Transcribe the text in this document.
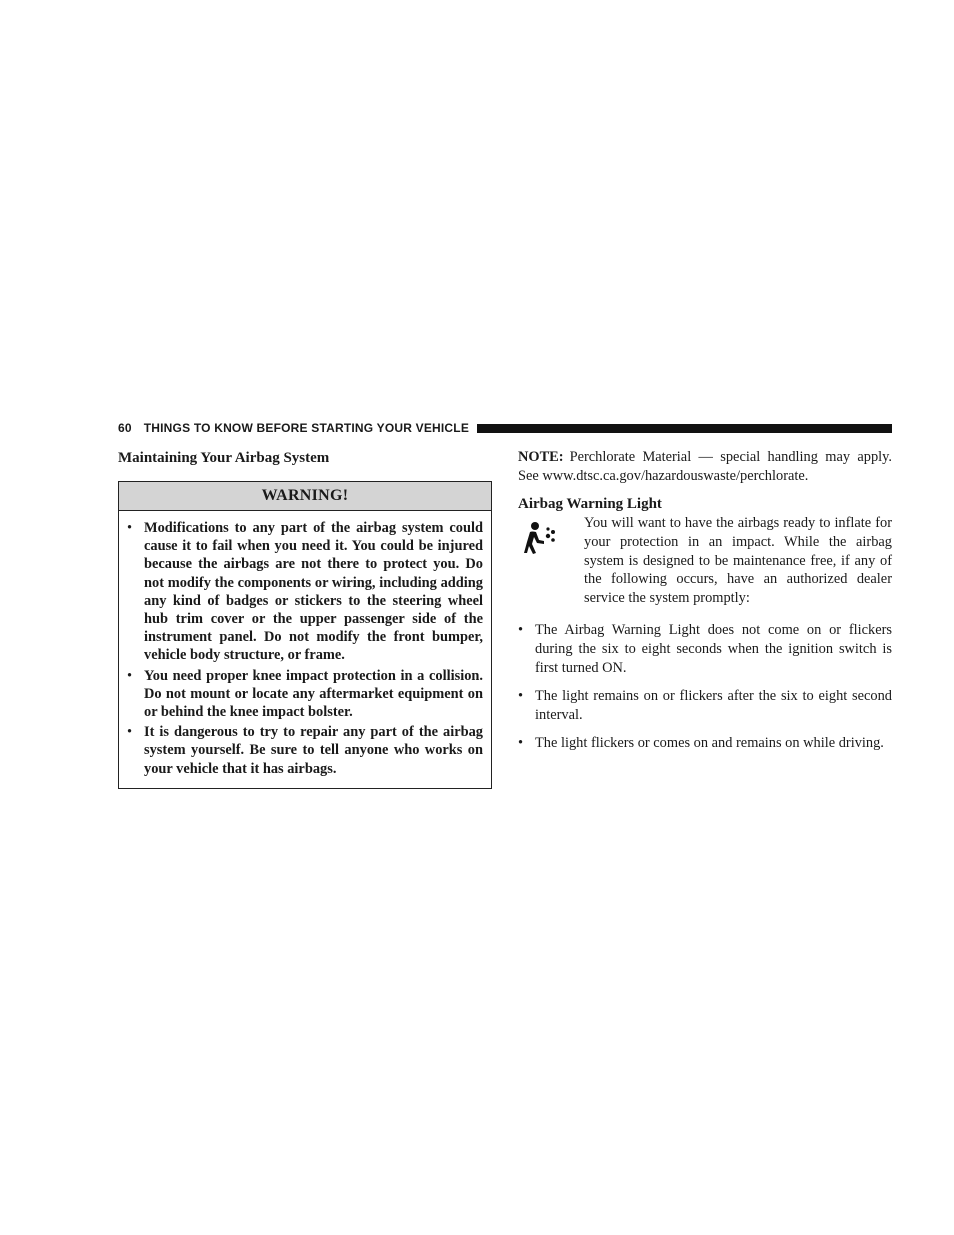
60 THINGS TO KNOW BEFORE STARTING YOUR VEHICLE
Maintaining Your Airbag System
WARNING!
• Modifications to any part of the airbag system could cause it to fail when you need it. You could be injured because the airbags are not there to protect you. Do not modify the components or wiring, including adding any kind of badges or stickers to the steering wheel hub trim cover or the upper passenger side of the instrument panel. Do not modify the front bumper, vehicle body structure, or frame.
• You need proper knee impact protection in a collision. Do not mount or locate any aftermarket equipment on or behind the knee impact bolster.
• It is dangerous to try to repair any part of the airbag system yourself. Be sure to tell anyone who works on your vehicle that it has airbags.

NOTE: Perchlorate Material — special handling may apply. See www.dtsc.ca.gov/hazardouswaste/perchlorate.

Airbag Warning Light

You will want to have the airbags ready to inflate for your protection in an impact. While the airbag system is designed to be maintenance free, if any of the following occurs, have an authorized dealer service the system promptly:

• The Airbag Warning Light does not come on or flickers during the six to eight seconds when the ignition switch is first turned ON.
• The light remains on or flickers after the six to eight second interval.
• The light flickers or comes on and remains on while driving.
